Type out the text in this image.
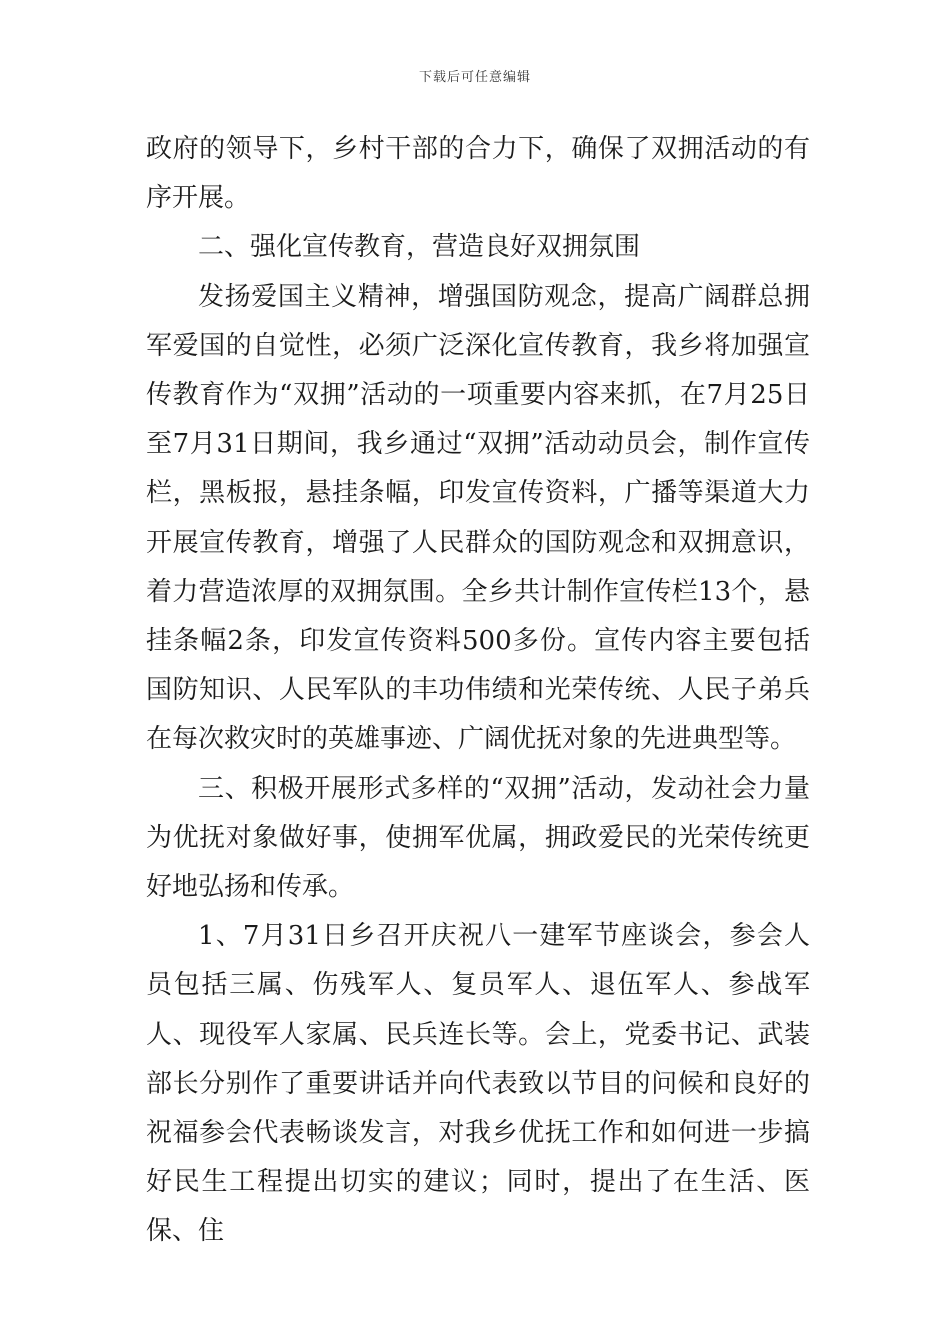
下载后可任意编辑

政府的领导下，乡村干部的合力下，确保了双拥活动的有序开展。

二、强化宣传教育，营造良好双拥氛围

发扬爱国主义精神，增强国防观念，提高广阔群总拥军爱国的自觉性，必须广泛深化宣传教育，我乡将加强宣传教育作为“双拥”活动的一项重要内容来抓，在7月25日至7月31日期间，我乡通过“双拥”活动动员会，制作宣传栏，黑板报，悬挂条幅，印发宣传资料，广播等渠道大力开展宣传教育，增强了人民群众的国防观念和双拥意识，着力营造浓厚的双拥氛围。全乡共计制作宣传栏13个，悬挂条幅2条，印发宣传资料500多份。宣传内容主要包括国防知识、人民军队的丰功伟绩和光荣传统、人民子弟兵在每次救灾时的英雄事迹、广阔优抚对象的先进典型等。

三、积极开展形式多样的“双拥”活动，发动社会力量为优抚对象做好事，使拥军优属，拥政爱民的光荣传统更好地弘扬和传承。

1、7月31日乡召开庆祝八一建军节座谈会，参会人员包括三属、伤残军人、复员军人、退伍军人、参战军人、现役军人家属、民兵连长等。会上，党委书记、武装部长分别作了重要讲话并向代表致以节目的问候和良好的祝福参会代表畅谈发言，对我乡优抚工作和如何进一步搞好民生工程提出切实的建议；同时，提出了在生活、医保、住
